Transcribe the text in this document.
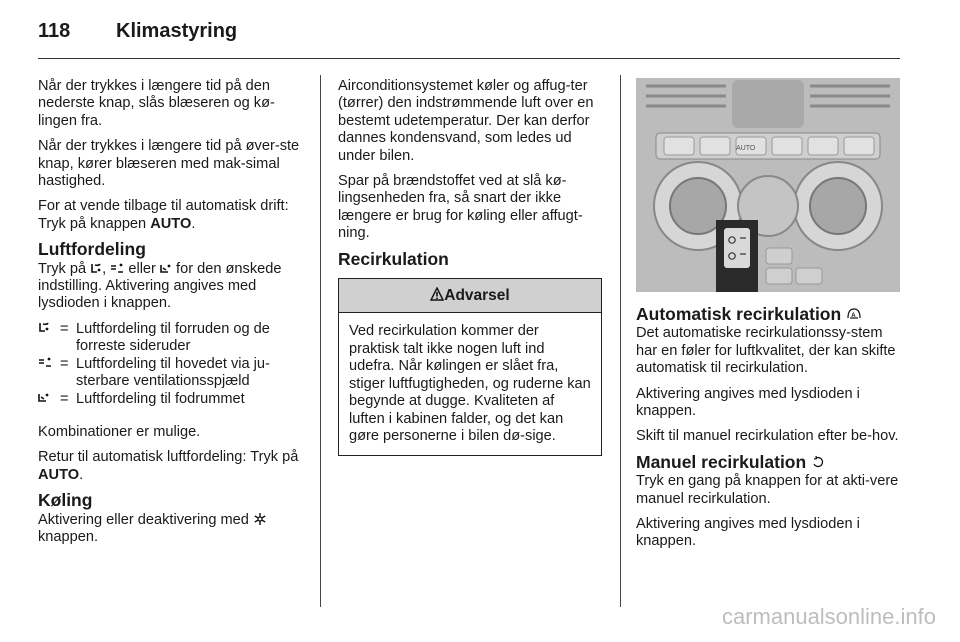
118 Klimastyring

Når der trykkes i længere tid på den nederste knap, slås blæseren og kø-lingen fra.

Når der trykkes i længere tid på øver-ste knap, kører blæseren med mak-simal hastighed.

For at vende tilbage til automatisk drift: Tryk på knappen AUTO.

Luftfordeling

Tryk på ,  eller  for den ønskede indstilling. Aktivering angives med lysdioden i knappen.

= Luftfordeling til forruden og de forreste sideruder
= Luftfordeling til hovedet via ju-sterbare ventilationsspjæld
= Luftfordeling til fodrummet

Kombinationer er mulige.

Retur til automatisk luftfordeling: Tryk på AUTO.

Køling

Aktivering eller deaktivering med
knappen.

Airconditionsystemet køler og affug-ter (tørrer) den indstrømmende luft over en bestemt udetemperatur. Der kan derfor dannes kondensvand, som ledes ud under bilen.

Spar på brændstoffet ved at slå kø-lingsenheden fra, så snart der ikke længere er brug for køling eller affugt-ning.

Recirkulation
Advarsel
Ved recirkulation kommer der praktisk talt ikke nogen luft ind udefra. Når kølingen er slået fra, stiger luftfugtigheden, og ruderne kan begynde at dugge. Kvaliteten af luften i kabinen falder, og det kan gøre personerne i bilen dø-sige.
AUTO
Automatisk recirkulation A

Det automatiske recirkulationssy-stem har en føler for luftkvalitet, der kan skifte automatisk til recirkulation.

Aktivering angives med lysdioden i knappen.

Skift til manuel recirkulation efter be-hov.

Manuel recirkulation

Tryk en gang på knappen for at akti-vere manuel recirkulation.

Aktivering angives med lysdioden i knappen.

carmanualsonline.info
